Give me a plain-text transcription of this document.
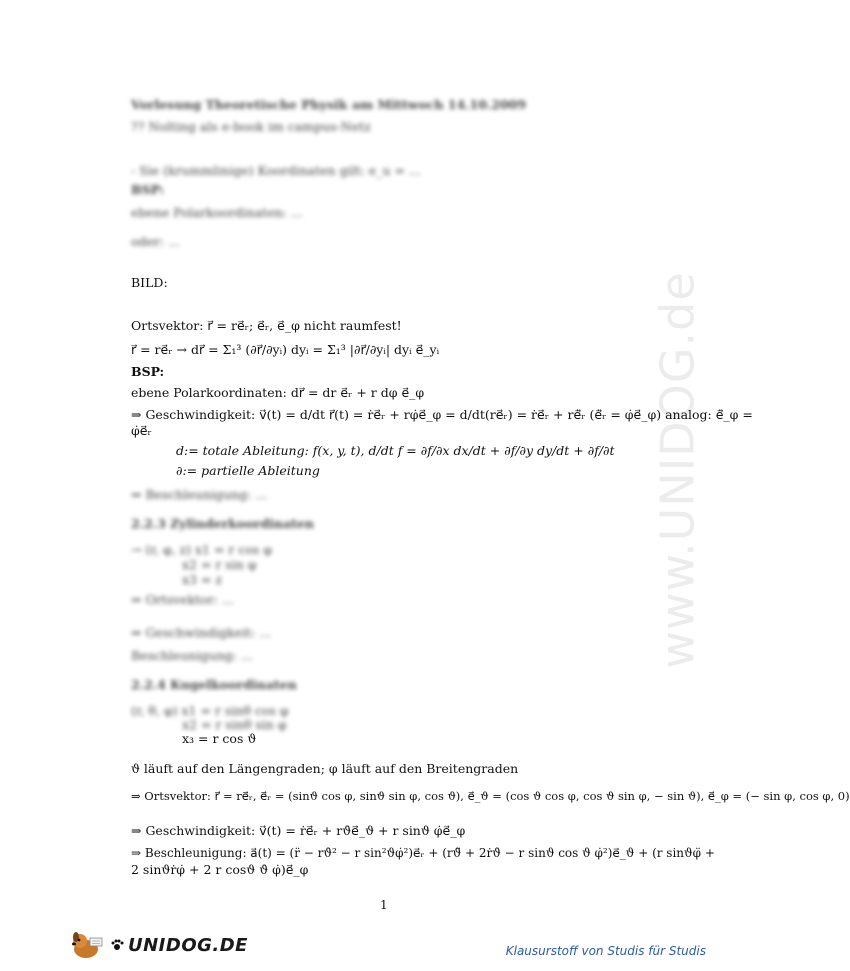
www.UNIDOG.de
Vorlesung Theoretische Physik am Mittwoch 14.10.2009
?? Nolting als e-book im campus-Netz
- Sie (krummlinige) Koordinaten gilt: e_u = ...
BSP:
ebene Polarkoordinaten: ...
oder: ...
BILD:
Ortsvektor: r⃗ = re⃗ᵣ; e⃗ᵣ, e⃗_φ nicht raumfest!
r⃗ = re⃗ᵣ → dr⃗ = Σ₁³ (∂r⃗/∂yᵢ) dyᵢ = Σ₁³ |∂r⃗/∂yᵢ| dyᵢ e⃗_yᵢ
BSP:
ebene Polarkoordinaten: dr⃗ = dr e⃗ᵣ + r dφ e⃗_φ
⇒ Geschwindigkeit: v⃗(t) = d/dt r⃗(t) = ṙe⃗ᵣ + rφ̇e⃗_φ = d/dt(re⃗ᵣ) = ṙe⃗ᵣ + rė⃗ᵣ (ė⃗ᵣ = φ̇e⃗_φ) analog: ė⃗_φ =
φ̇e⃗ᵣ
d:= totale Ableitung: f(x, y, t), d/dt f = ∂f/∂x dx/dt + ∂f/∂y dy/dt + ∂f/∂t
∂:= partielle Ableitung
⇒ Beschleunigung: ...
2.2.3 Zylinderkoordinaten
→ (r, φ, z) x1 = r cos φ
x2 = r sin φ
x3 = z
⇒ Ortsvektor: ...
⇒ Geschwindigkeit: ...
Beschleunigung: ...
2.2.4 Kugelkoordinaten
(r, θ, φ) x1 = r sinθ cos φ
x2 = r sinθ sin φ
x₃ = r cos ϑ
ϑ läuft auf den Längengraden; φ läuft auf den Breitengraden
⇒ Ortsvektor: r⃗ = re⃗ᵣ, e⃗ᵣ = (sinϑ cos φ, sinϑ sin φ, cos ϑ), e⃗_ϑ = (cos ϑ cos φ, cos ϑ sin φ, − sin ϑ), e⃗_φ = (− sin φ, cos φ, 0)
⇒ Geschwindigkeit: v⃗(t) = ṙe⃗ᵣ + rϑ̇e⃗_ϑ + r sinϑ φ̇e⃗_φ
⇒ Beschleunigung: a⃗(t) = (r̈ − rϑ̇² − r sin²ϑφ̇²)e⃗ᵣ + (rϑ̈ + 2ṙϑ̇ − r sinϑ cos ϑ φ̇²)e⃗_ϑ + (r sinϑφ̈ +
2 sinϑṙφ̇ + 2 r cosϑ ϑ̇ φ̇)e⃗_φ
1
UNIDOG.DE	Klausurstoff von Studis für Studis
